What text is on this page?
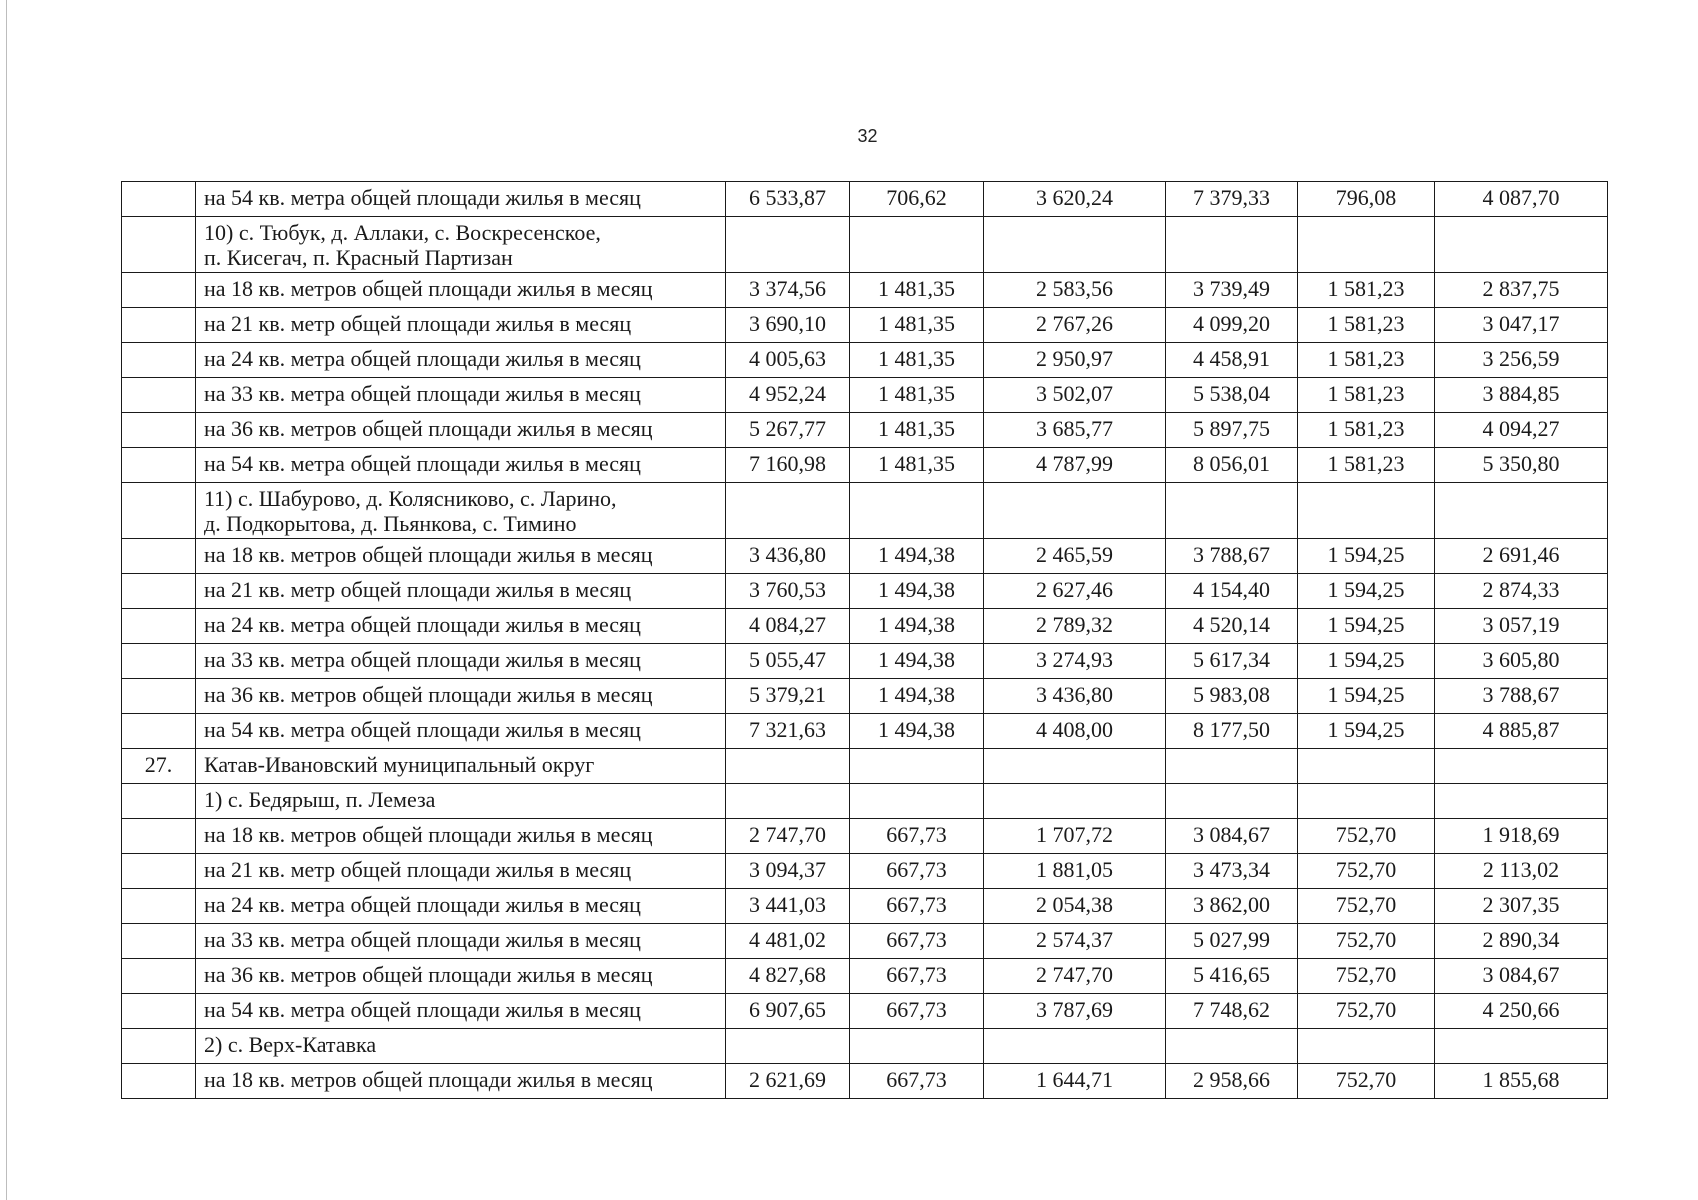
32
	на 54 кв. метра общей площади жилья в месяц	6 533,87	706,62	3 620,24	7 379,33	796,08	4 087,70

	10) с. Тюбук, д. Аллаки, с. Воскресенское,
п. Кисегач, п. Красный Партизан						

	на 18 кв. метров общей площади жилья в месяц	3 374,56	1 481,35	2 583,56	3 739,49	1 581,23	2 837,75
	на 21 кв. метр общей площади жилья в месяц	3 690,10	1 481,35	2 767,26	4 099,20	1 581,23	3 047,17
	на 24 кв. метра общей площади жилья в месяц	4 005,63	1 481,35	2 950,97	4 458,91	1 581,23	3 256,59
	на 33 кв. метра общей площади жилья в месяц	4 952,24	1 481,35	3 502,07	5 538,04	1 581,23	3 884,85
	на 36 кв. метров общей площади жилья в месяц	5 267,77	1 481,35	3 685,77	5 897,75	1 581,23	4 094,27
	на 54 кв. метра общей площади жилья в месяц	7 160,98	1 481,35	4 787,99	8 056,01	1 581,23	5 350,80

	11) с. Шабурово, д. Колясниково, с. Ларино,
д. Подкорытова, д. Пьянкова, с. Тимино						

	на 18 кв. метров общей площади жилья в месяц	3 436,80	1 494,38	2 465,59	3 788,67	1 594,25	2 691,46
	на 21 кв. метр общей площади жилья в месяц	3 760,53	1 494,38	2 627,46	4 154,40	1 594,25	2 874,33
	на 24 кв. метра общей площади жилья в месяц	4 084,27	1 494,38	2 789,32	4 520,14	1 594,25	3 057,19
	на 33 кв. метра общей площади жилья в месяц	5 055,47	1 494,38	3 274,93	5 617,34	1 594,25	3 605,80
	на 36 кв. метров общей площади жилья в месяц	5 379,21	1 494,38	3 436,80	5 983,08	1 594,25	3 788,67
	на 54 кв. метра общей площади жилья в месяц	7 321,63	1 494,38	4 408,00	8 177,50	1 594,25	4 885,87
27.	Катав-Ивановский муниципальный округ						
	1) с. Бедярыш, п. Лемеза						
	на 18 кв. метров общей площади жилья в месяц	2 747,70	667,73	1 707,72	3 084,67	752,70	1 918,69
	на 21 кв. метр общей площади жилья в месяц	3 094,37	667,73	1 881,05	3 473,34	752,70	2 113,02
	на 24 кв. метра общей площади жилья в месяц	3 441,03	667,73	2 054,38	3 862,00	752,70	2 307,35
	на 33 кв. метра общей площади жилья в месяц	4 481,02	667,73	2 574,37	5 027,99	752,70	2 890,34
	на 36 кв. метров общей площади жилья в месяц	4 827,68	667,73	2 747,70	5 416,65	752,70	3 084,67
	на 54 кв. метра общей площади жилья в месяц	6 907,65	667,73	3 787,69	7 748,62	752,70	4 250,66
	2) с. Верх-Катавка						
	на 18 кв. метров общей площади жилья в месяц	2 621,69	667,73	1 644,71	2 958,66	752,70	1 855,68
